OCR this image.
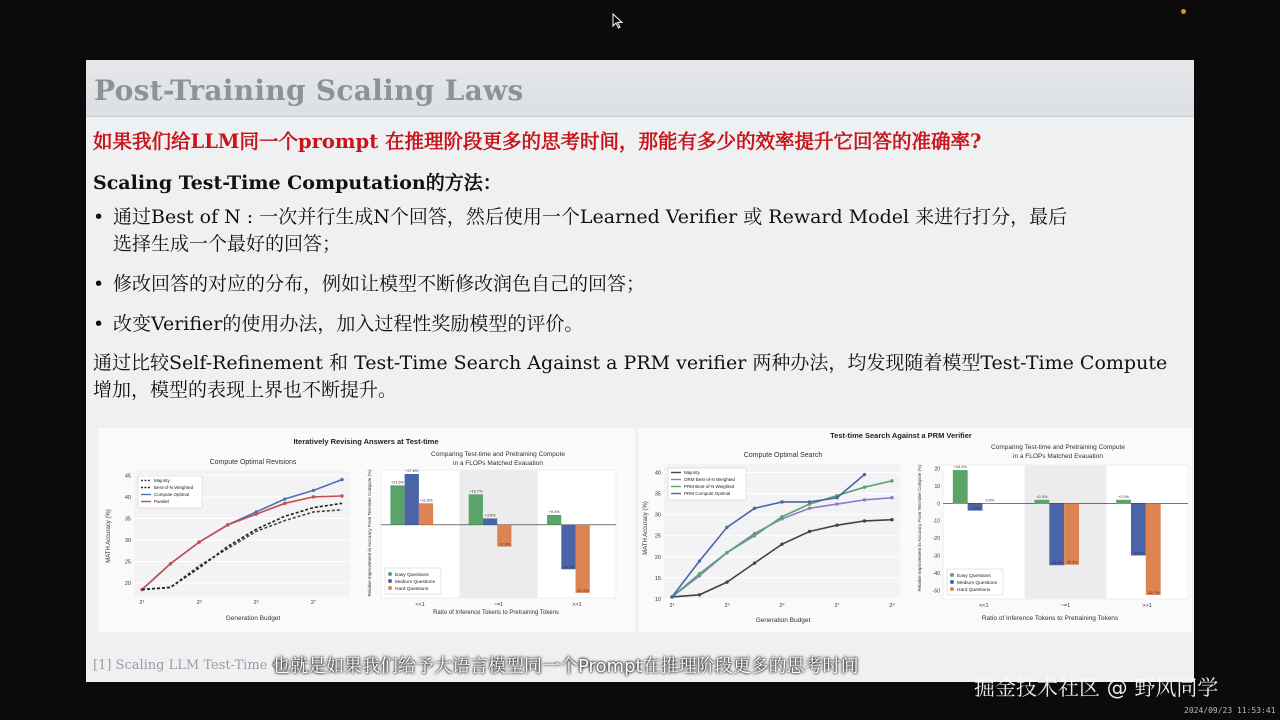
Post-Training Scaling Laws
如果我们给LLM同一个prompt 在推理阶段更多的思考时间，那能有多少的效率提升它回答的准确率?
Scaling Test-Time Computation的方法：
• 通过Best of N : 一次并行生成N个回答，然后使用一个Learned Verifier 或 Reward Model 来进行打分，最后
选择生成一个最好的回答；
• 修改回答的对应的分布，例如让模型不断修改润色自己的回答；
• 改变Verifier的使用办法，加入过程性奖励模型的评价。
通过比较Self-Refinement 和 Test-Time Search Against a PRM verifier 两种办法，均发现随着模型Test-Time Compute增加，模型的表现上界也不断提升。
Iteratively Revising Answers at Test-time
Compute Optimal Revisions
Generation Budget
MATH Accuracy (%)
20
25
30
35
40
45
2¹	2³	2⁵	2⁷
Majority
Best-of-N Weighted
Compute Optimal
Parallel
Comparing Test-time and Pretraining Compute
in a FLOPs Matched Evauation
Ratio of Inference Tokens to Pretraining Tokens
Relative Improvement in Accuracy From Test-time Compute (%)
<<1	~=1	>>1
+21.6%
+27.8%
+11.8%
+16.7%
+3.5%
-11.9%
+5.4%
-24.3%
-37.2%
Easy Questions
Medium Questions
Hard Questions
Test-time Search Against a PRM Verifier
Compute Optimal Search
Generation Budget
MATH Accuracy (%)
10
15
20
25
30
35
40
2¹	2³	2⁵	2⁷	2⁹
Majority
ORM Best-of-N Weighted
PRM Best-of-N Weighted
PRM Compute Optimal
Comparing Test-time and Pretraining Compute
in a FLOPs Matched Evauation
Ratio of Inference Tokens to Pretraining Tokens
Relative Improvement in Accuracy From Test-time Compute (%) 20
10
0
-10
-20
-30
-40
-50
<<1	~=1	>>1
+19.1%
-4.2%
0.0%
+2.0%
-35.6% -35.3%
+2.0%
-30.0%
-52.7%
Easy Questions
Medium Questions
Hard Questions
[1] Scaling LLM Test-Time Co
也就是如果我们给予大语言模型同一个Prompt在推理阶段更多的思考时间
掘金技术社区 @ 野风同学
2024/09/23 11:53:41
